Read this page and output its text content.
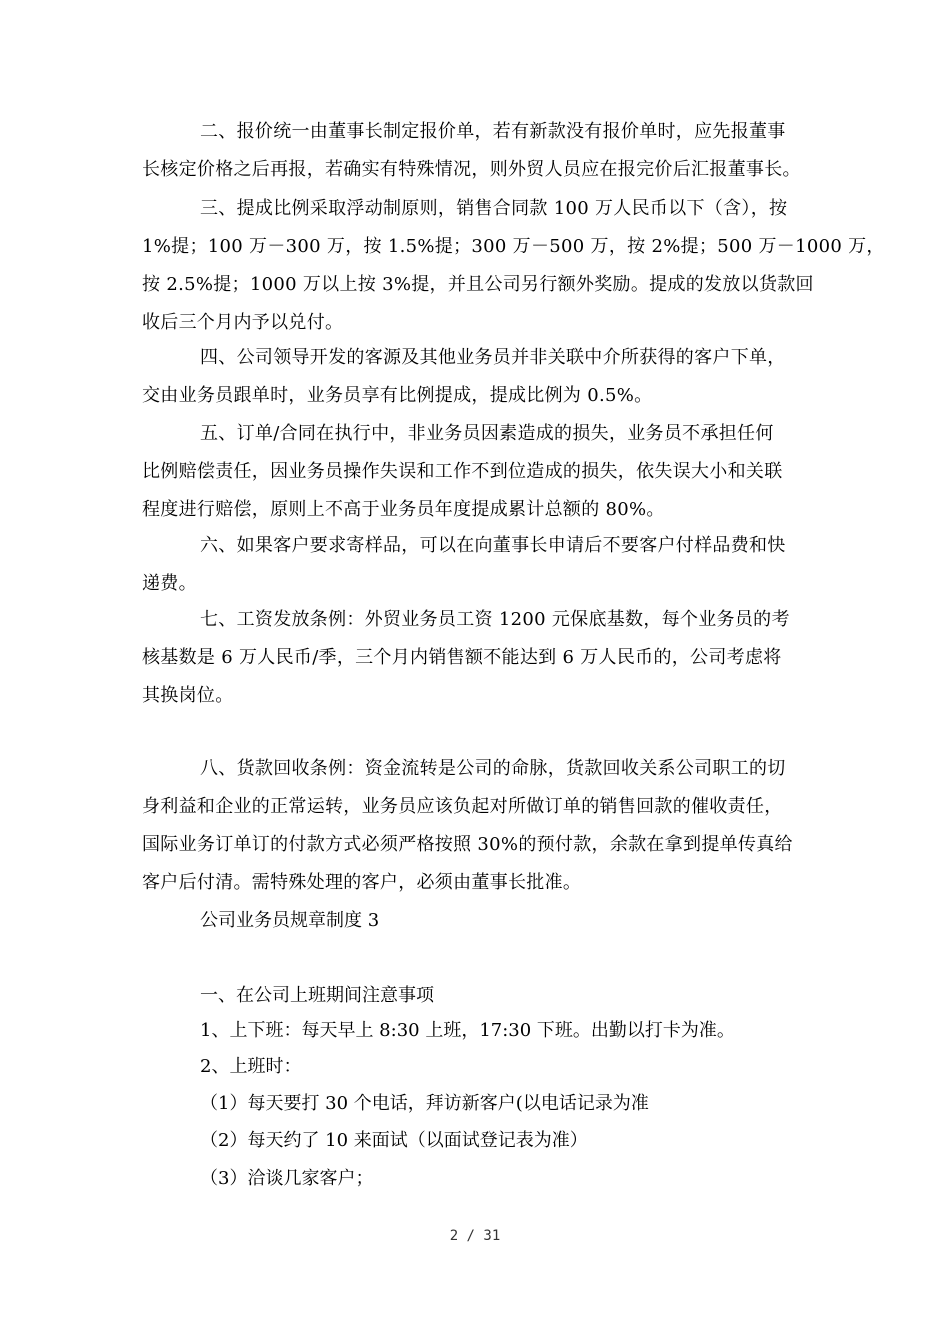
二、报价统一由董事长制定报价单，若有新款没有报价单时，应先报董事
长核定价格之后再报，若确实有特殊情况，则外贸人员应在报完价后汇报董事长。
三、提成比例采取浮动制原则，销售合同款 100 万人民币以下（含），按
1%提；100 万－300 万，按 1.5%提；300 万－500 万，按 2%提；500 万－1000 万，
按 2.5%提；1000 万以上按 3%提，并且公司另行额外奖励。提成的发放以货款回
收后三个月内予以兑付。
四、公司领导开发的客源及其他业务员并非关联中介所获得的客户下单，
交由业务员跟单时，业务员享有比例提成，提成比例为 0.5%。
五、订单/合同在执行中，非业务员因素造成的损失，业务员不承担任何
比例赔偿责任，因业务员操作失误和工作不到位造成的损失，依失误大小和关联
程度进行赔偿，原则上不高于业务员年度提成累计总额的 80%。
六、如果客户要求寄样品，可以在向董事长申请后不要客户付样品费和快
递费。
七、工资发放条例：外贸业务员工资 1200 元保底基数，每个业务员的考
核基数是 6 万人民币/季，三个月内销售额不能达到 6 万人民币的，公司考虑将
其换岗位。
八、货款回收条例：资金流转是公司的命脉，货款回收关系公司职工的切
身利益和企业的正常运转，业务员应该负起对所做订单的销售回款的催收责任，
国际业务订单订的付款方式必须严格按照 30%的预付款，余款在拿到提单传真给
客户后付清。需特殊处理的客户，必须由董事长批准。
公司业务员规章制度 3
一、在公司上班期间注意事项
1、上下班：每天早上 8:30 上班，17:30 下班。出勤以打卡为准。
2、上班时：
（1）每天要打 30 个电话，拜访新客户(以电话记录为准
（2）每天约了 10 来面试（以面试登记表为准）
（3）洽谈几家客户；
2 / 31
